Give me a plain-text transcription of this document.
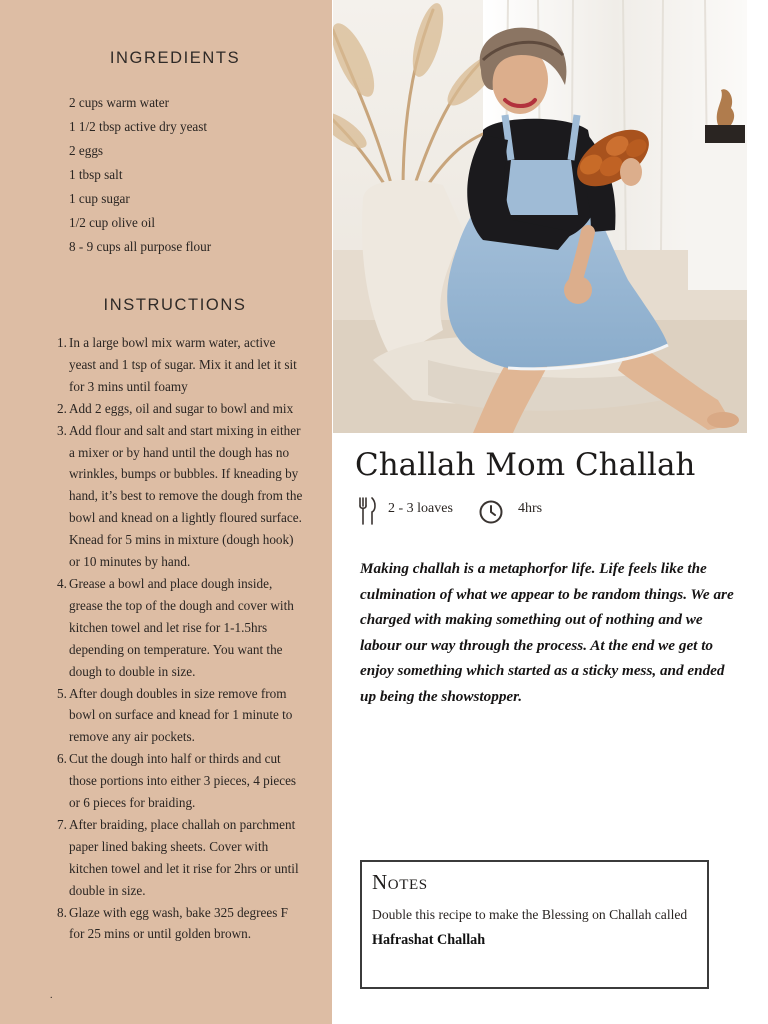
INGREDIENTS
2 cups warm water
1 1/2 tbsp active dry yeast
2 eggs
1 tbsp salt
1 cup sugar
1/2 cup olive oil
8 - 9 cups all purpose flour
INSTRUCTIONS
1. In a large bowl mix warm water, active yeast and 1 tsp of sugar. Mix it and let it sit for 3 mins until foamy
2. Add 2 eggs, oil and sugar to bowl and mix
3. Add flour and salt and start mixing in either a mixer or by hand until the dough has no wrinkles, bumps or bubbles. If kneading by hand, it’s best to remove the dough from the bowl and knead on a lightly floured surface. Knead for 5 mins in mixture (dough hook) or 10 minutes by hand.
4. Grease a bowl and place dough inside, grease the top of the dough and cover with kitchen towel and let rise for 1-1.5hrs depending on temperature. You want the dough to double in size.
5. After dough doubles in size remove from bowl on surface and knead for 1 minute to remove any air pockets.
6. Cut the dough into half or thirds and cut those portions into either 3 pieces, 4 pieces or 6 pieces for braiding.
7. After braiding, place challah on parchment paper lined baking sheets. Cover with kitchen towel and let it rise for 2hrs or until double in size.
8. Glaze with egg wash, bake 325 degrees F for 25 mins or until golden brown.
.
Challah Mom Challah
2 - 3 loaves	4hrs

Making challah is a metaphorfor life. Life feels like the culmination of what we appear to be random things. We are charged with making something out of nothing and we labour our way through the process. At the end we get to enjoy something which started as a sticky mess, and ended up being the showstopper.

Notes
Double this recipe to make the Blessing on Challah called Hafrashat Challah
